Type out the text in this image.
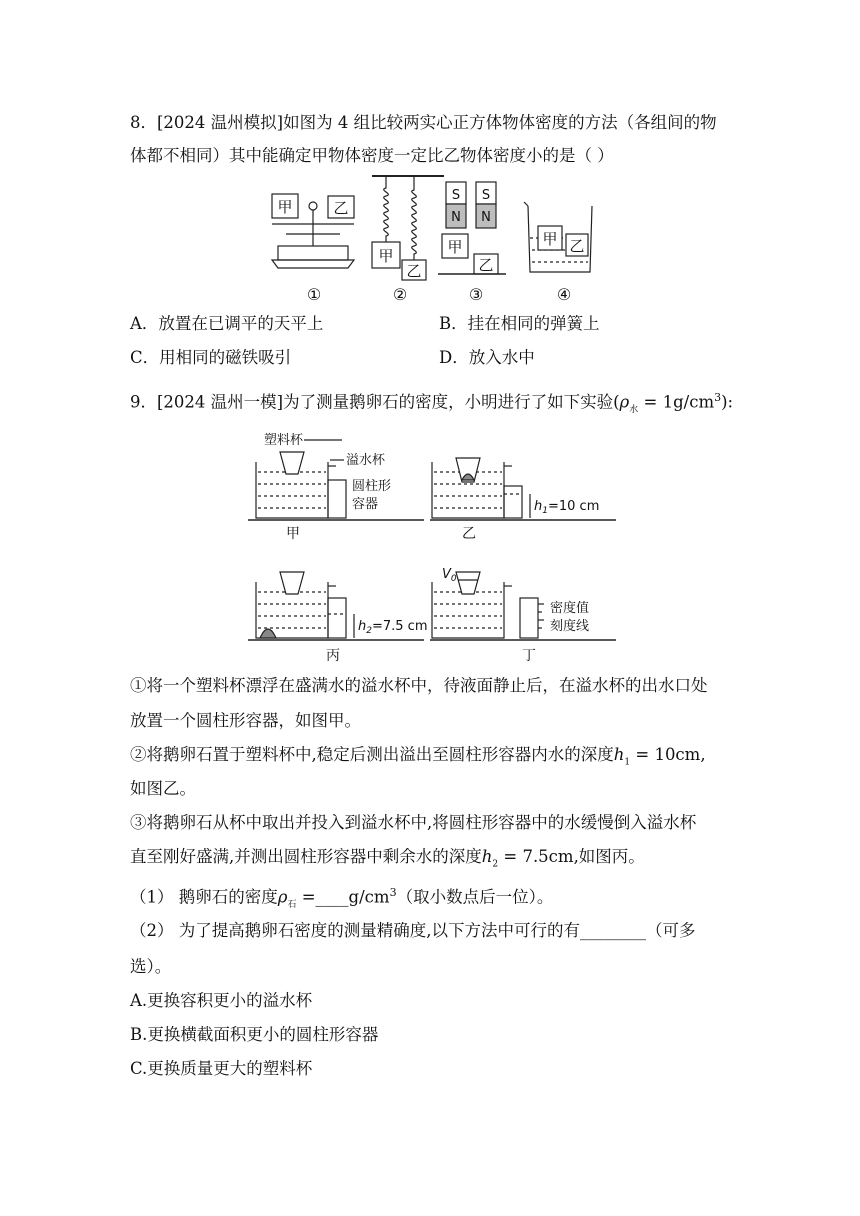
8．[2024 温州模拟]如图为 4 组比较两实心正方体物体密度的方法（各组间的物
体都不相同）其中能确定甲物体密度一定比乙物体密度小的是（ ）
甲	乙
甲
乙
S
N
S
N
甲
乙
甲 乙
①	②	③	④
A．放置在已调平的天平上	B．挂在相同的弹簧上
C．用相同的磁铁吸引	D．放入水中
9．[2024 温州一模]为了测量鹅卵石的密度，小明进行了如下实验$(\rho_水 = 1g/cm^3)$:
塑料杯
溢水杯
圆柱形
容器	$h_1=10$ cm
$h_2=7.5$ cm
$V_0$
密度值
刻度线
甲	乙
丙	丁
①将一个塑料杯漂浮在盛满水的溢水杯中，待液面静止后，在溢水杯的出水口处
放置一个圆柱形容器，如图甲。
②将鹅卵石置于塑料杯中,稳定后测出溢出至圆柱形容器内水的深度$h_1 = 10cm$,
如图乙。
③将鹅卵石从杯中取出并投入到溢水杯中,将圆柱形容器中的水缓慢倒入溢水杯
直至刚好盛满,并测出圆柱形容器中剩余水的深度$h_2 = 7.5cm$,如图丙。
（1） 鹅卵石的密度$\rho_石$ $=\_\_\_\_g/cm^3$（取小数点后一位）。
（2） 为了提高鹅卵石密度的测量精确度,以下方法中可行的有________（可多
选）。
A.更换容积更小的溢水杯
B.更换横截面积更小的圆柱形容器
C.更换质量更大的塑料杯
